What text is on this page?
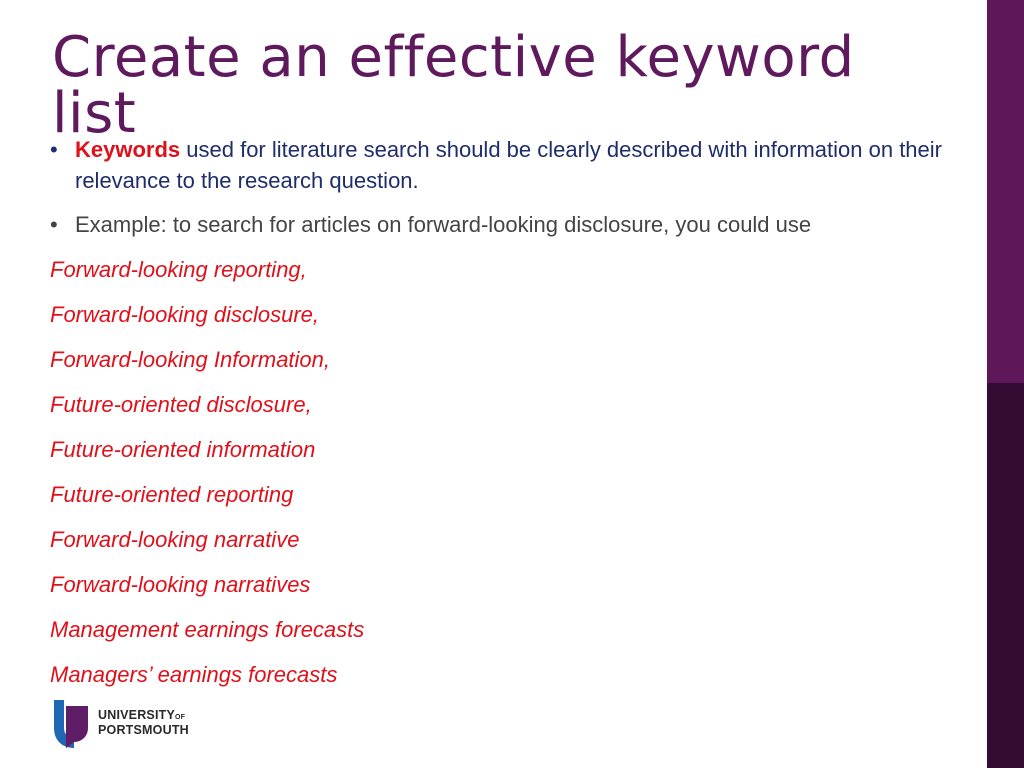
Create an effective keyword list
• Keywords used for literature search should be clearly described with information on their relevance to the research question.
• Example: to search for articles on forward-looking disclosure, you could use
Forward-looking reporting,
Forward-looking disclosure,
Forward-looking Information,
Future-oriented disclosure,
Future-oriented information
Future-oriented reporting
Forward-looking narrative
Forward-looking narratives
Management earnings forecasts
Managers’ earnings forecasts
UNIVERSITYOF
PORTSMOUTH
